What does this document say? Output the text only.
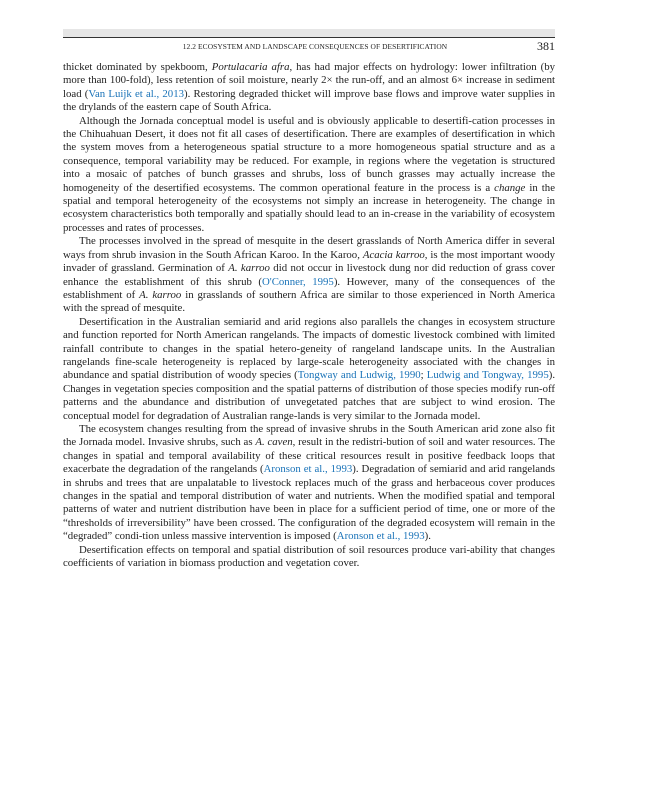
12.2 ECOSYSTEM AND LANDSCAPE CONSEQUENCES OF DESERTIFICATION	381

thicket dominated by spekboom, Portulacaria afra, has had major effects on hydrology: lower infiltration (by more than 100-fold), less retention of soil moisture, nearly 2× the run-off, and an almost 6× increase in sediment load (Van Luijk et al., 2013). Restoring degraded thicket will improve base flows and improve water supplies in the drylands of the eastern cape of South Africa.

Although the Jornada conceptual model is useful and is obviously applicable to desertifi-cation processes in the Chihuahuan Desert, it does not fit all cases of desertification. There are examples of desertification in which the system moves from a heterogeneous spatial structure to a more homogeneous spatial structure and as a consequence, temporal variability may be reduced. For example, in regions where the vegetation is structured into a mosaic of patches of bunch grasses and shrubs, loss of bunch grasses may actually increase the homogeneity of the desertified ecosystems. The common operational feature in the process is a change in the spatial and temporal heterogeneity of the ecosystems not simply an increase in heterogeneity. The change in ecosystem characteristics both temporally and spatially should lead to an in-crease in the variability of ecosystem processes and rates of processes.

The processes involved in the spread of mesquite in the desert grasslands of North America differ in several ways from shrub invasion in the South African Karoo. In the Karoo, Acacia karroo, is the most important woody invader of grassland. Germination of A. karroo did not occur in livestock dung nor did reduction of grass cover enhance the establishment of this shrub (O'Conner, 1995). However, many of the consequences of the establishment of A. karroo in grasslands of southern Africa are similar to those experienced in North America with the spread of mesquite.

Desertification in the Australian semiarid and arid regions also parallels the changes in ecosystem structure and function reported for North American rangelands. The impacts of domestic livestock combined with limited rainfall contribute to changes in the spatial hetero-geneity of rangeland landscape units. In the Australian rangelands fine-scale heterogeneity is replaced by large-scale heterogeneity associated with the changes in abundance and spatial distribution of woody species (Tongway and Ludwig, 1990; Ludwig and Tongway, 1995). Changes in vegetation species composition and the spatial patterns of distribution of those species modify run-off patterns and the abundance and distribution of unvegetated patches that are subject to wind erosion. The conceptual model for degradation of Australian range-lands is very similar to the Jornada model.

The ecosystem changes resulting from the spread of invasive shrubs in the South American arid zone also fit the Jornada model. Invasive shrubs, such as A. caven, result in the redistri-bution of soil and water resources. The changes in spatial and temporal availability of these critical resources result in positive feedback loops that exacerbate the degradation of the rangelands (Aronson et al., 1993). Degradation of semiarid and arid rangelands in shrubs and trees that are unpalatable to livestock replaces much of the grass and herbaceous cover produces changes in the spatial and temporal distribution of water and nutrients. When the modified spatial and temporal patterns of water and nutrient distribution have been in place for a sufficient period of time, one or more of the “thresholds of irreversibility” have been crossed. The configuration of the degraded ecosystem will remain in the “degraded” condi-tion unless massive intervention is imposed (Aronson et al., 1993).

Desertification effects on temporal and spatial distribution of soil resources produce vari-ability that changes coefficients of variation in biomass production and vegetation cover.
